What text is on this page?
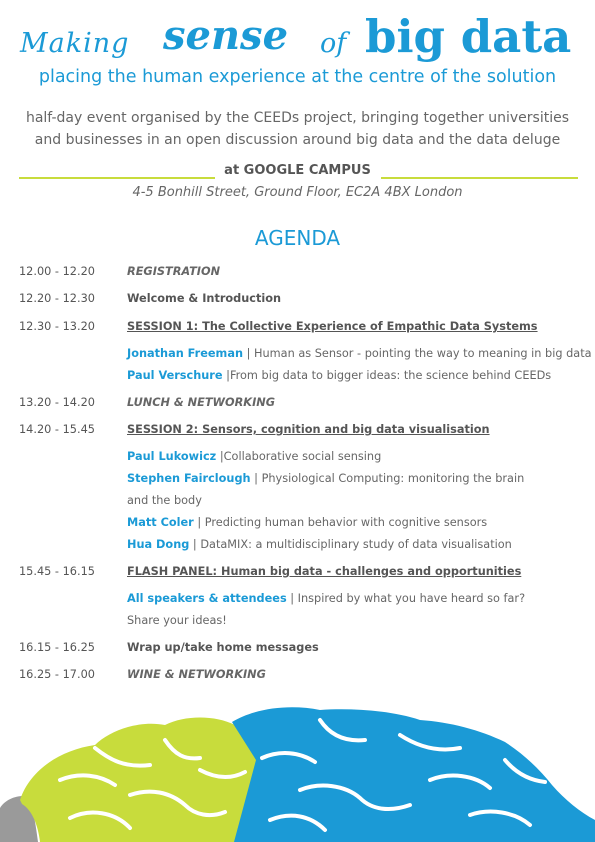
Making sense of big data
placing the human experience at the centre of the solution
half-day event organised by the CEEDs project, bringing together universities
and businesses in an open discussion around big data and the data deluge
at GOOGLE CAMPUS
4-5 Bonhill Street, Ground Floor, EC2A 4BX London
AGENDA
12.00 - 12.20	REGISTRATION
12.20 - 12.30	Welcome & Introduction
12.30 - 13.20	SESSION 1: The Collective Experience of Empathic Data Systems
Jonathan Freeman | Human as Sensor - pointing the way to meaning in big data
Paul Verschure |From big data to bigger ideas: the science behind CEEDs
13.20 - 14.20	LUNCH & NETWORKING
14.20 - 15.45	SESSION 2: Sensors, cognition and big data visualisation
Paul Lukowicz |Collaborative social sensing
Stephen Fairclough | Physiological Computing: monitoring the brain
and the body
Matt Coler | Predicting human behavior with cognitive sensors
Hua Dong | DataMIX: a multidisciplinary study of data visualisation
15.45 - 16.15	FLASH PANEL: Human big data - challenges and opportunities
All speakers & attendees | Inspired by what you have heard so far?
Share your ideas!
16.15 - 16.25	Wrap up/take home messages
16.25 - 17.00	WINE & NETWORKING
